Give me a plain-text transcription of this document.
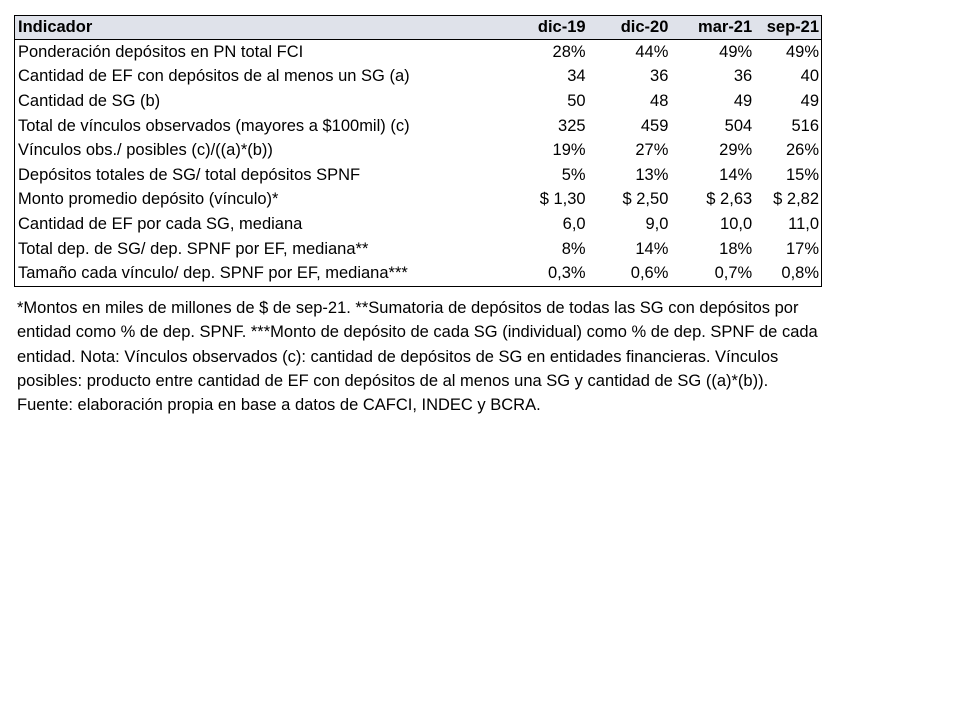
Indicador	dic-19	dic-20	mar-21 sep-21
Ponderación depósitos en PN total FCI	28%	44%	49%	49%
Cantidad de EF con depósitos de al menos un SG (a)	34	36	36	40
Cantidad de SG (b)	50	48	49	49
Total de vínculos observados (mayores a $100mil) (c)	325	459	504	516
Vínculos obs./ posibles (c)/((a)*(b))	19%	27%	29%	26%
Depósitos totales de SG/ total depósitos SPNF	5%	13%	14%	15%
Monto promedio depósito (vínculo)*	$ 1,30	$ 2,50	$ 2,63	$ 2,82
Cantidad de EF por cada SG, mediana	6,0	9,0	10,0	11,0
Total dep. de SG/ dep. SPNF por EF, mediana**	8%	14%	18%	17%
Tamaño cada vínculo/ dep. SPNF por EF, mediana***	0,3%	0,6%	0,7%	0,8%

*Montos en miles de millones de $ de sep-21. **Sumatoria de depósitos de todas las SG con depósitos por entidad como % de dep. SPNF. ***Monto de depósito de cada SG (individual) como % de dep. SPNF de cada entidad. Nota: Vínculos observados (c): cantidad de depósitos de SG en entidades financieras. Vínculos posibles: producto entre cantidad de EF con depósitos de al menos una SG y cantidad de SG ((a)*(b)).

Fuente: elaboración propia en base a datos de CAFCI, INDEC y BCRA.
